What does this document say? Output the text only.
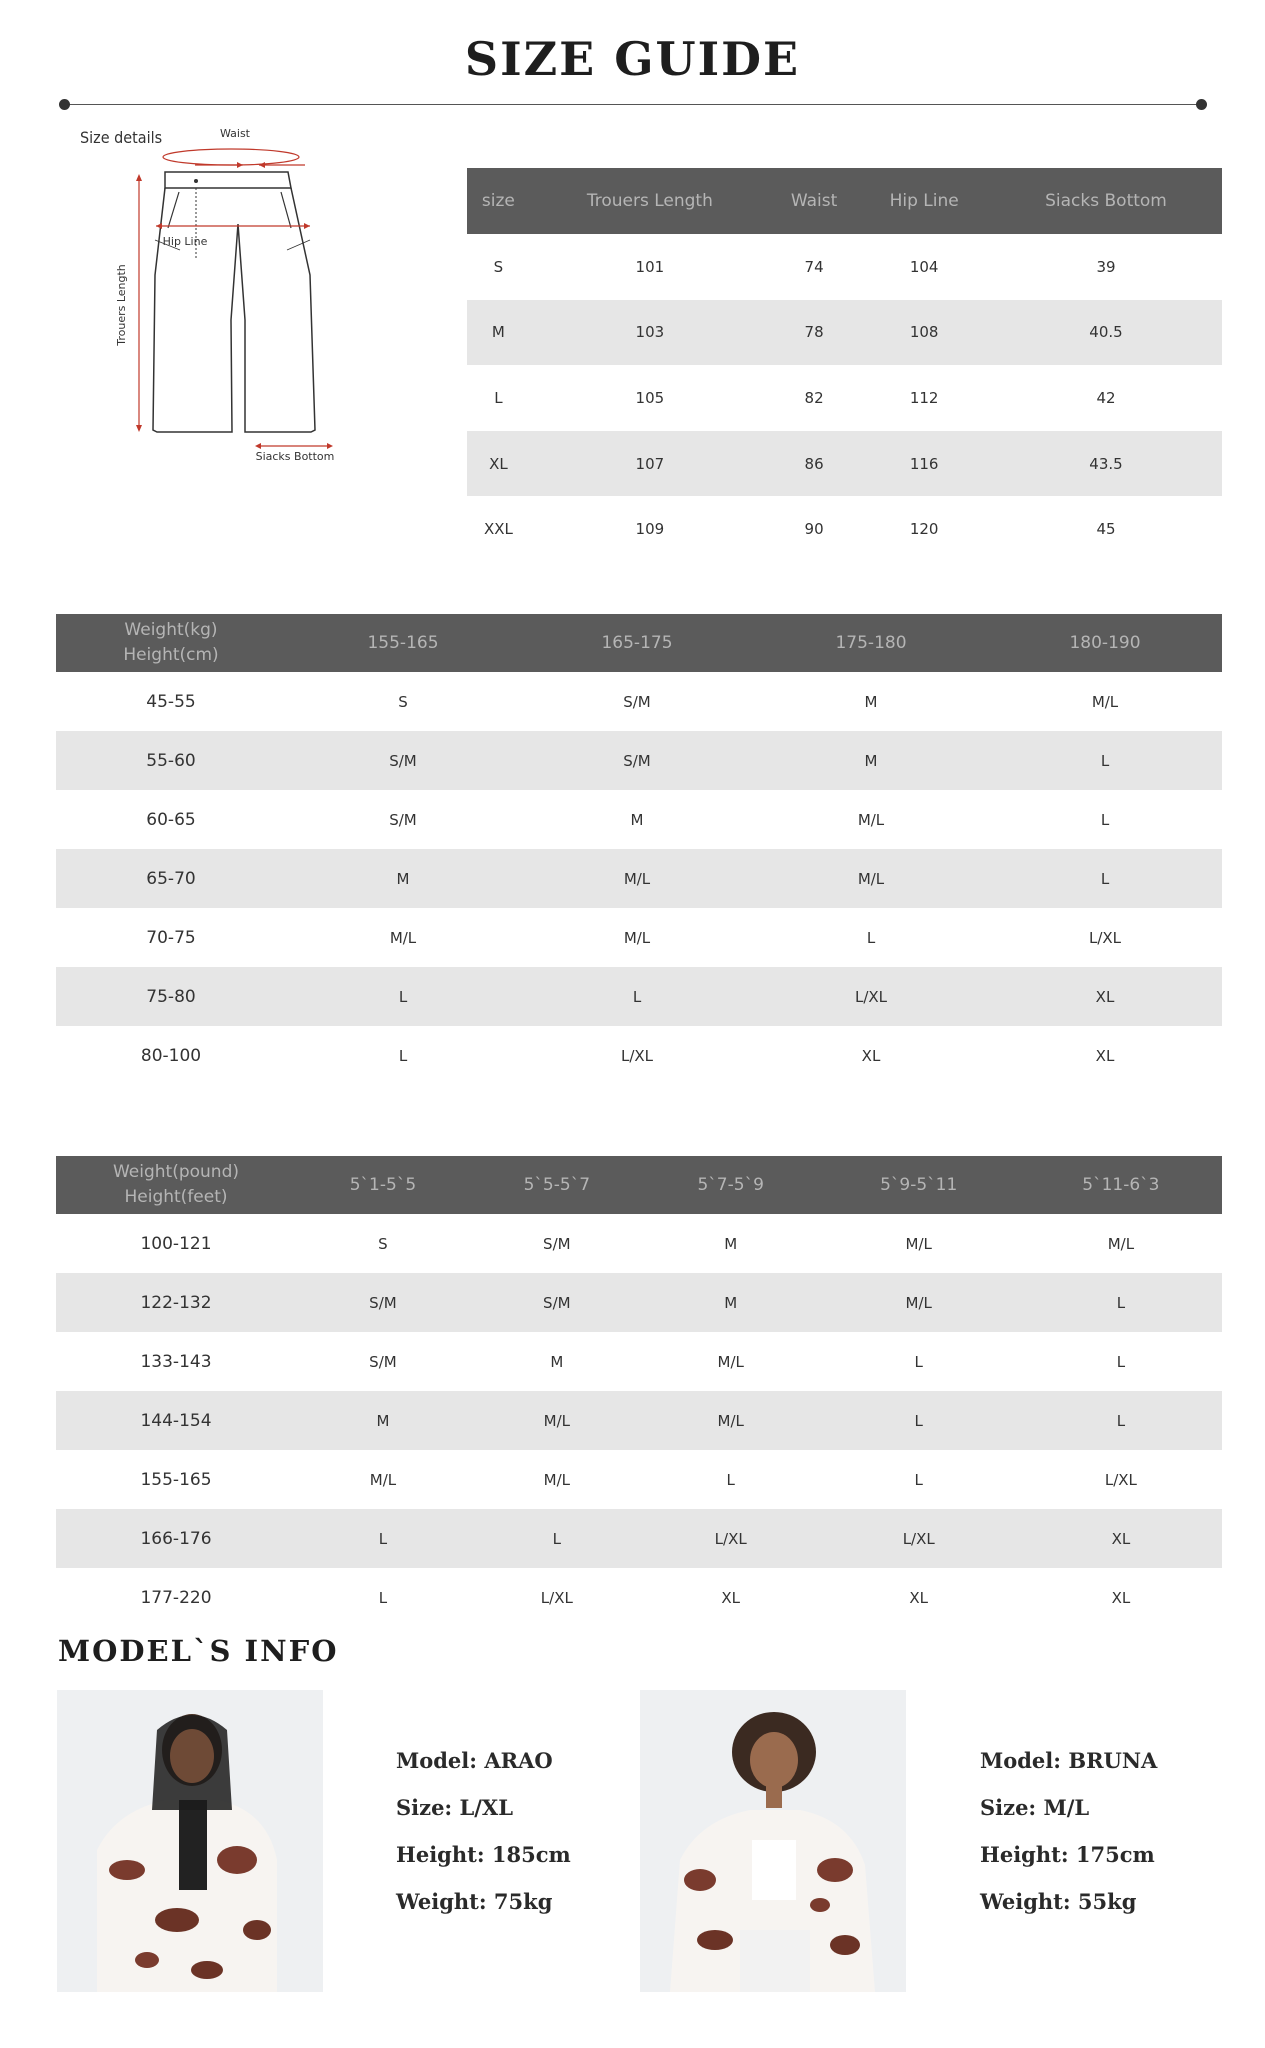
SIZE GUIDE
Size details	Waist
Hip Line
Trouers Length
Siacks Bottom
size	Trouers Length	Waist	Hip Line	Siacks Bottom
S	101	74	104	39
M	103	78	108	40.5
L	105	82	112	42
XL	107	86	116	43.5
XXL	109	90	120	45
Weight(kg)
Height(cm)	155-165	165-175	175-180	180-190
45-55	S	S/M	M	M/L
55-60	S/M	S/M	M	L
60-65	S/M	M	M/L	L
65-70	M	M/L	M/L	L
70-75	M/L	M/L	L	L/XL
75-80	L	L	L/XL	XL
80-100	L	L/XL	XL	XL
Weight(pound)
Height(feet)	5`1-5`5	5`5-5`7	5`7-5`9	5`9-5`11	5`11-6`3
100-121	S	S/M	M	M/L	M/L
122-132	S/M	S/M	M	M/L	L
133-143	S/M	M	M/L	L	L
144-154	M	M/L	M/L	L	L
155-165	M/L	M/L	L	L	L/XL
166-176	L	L	L/XL	L/XL	XL
177-220	L	L/XL	XL	XL	XL
MODEL`S INFO
Model: ARAO
Size: L/XL
Height: 185cm
Weight: 75kg
Model: BRUNA
Size: M/L
Height: 175cm
Weight: 55kg
